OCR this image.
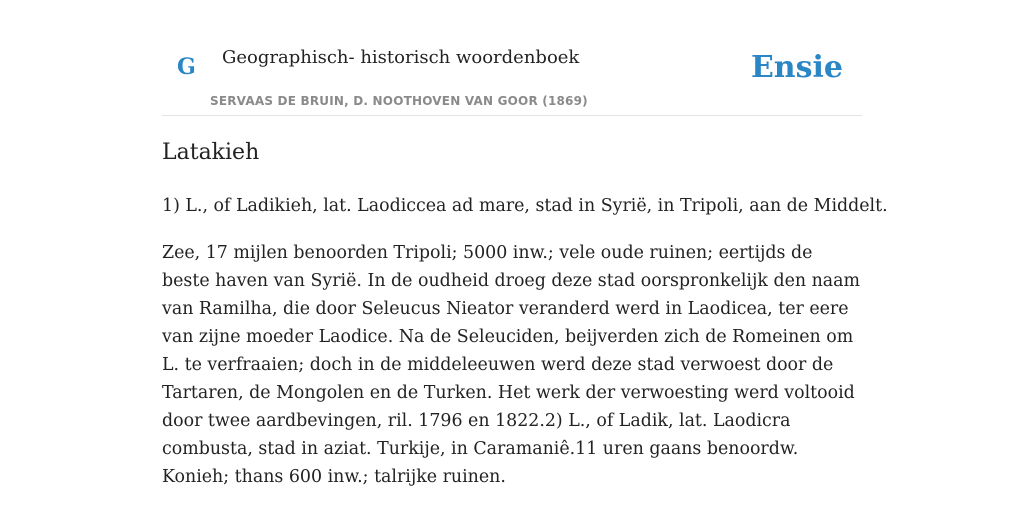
G Geographisch- historisch woordenboek
SERVAAS DE BRUIN, D. NOOTHOVEN VAN GOOR (1869)
Ensie
Latakieh

1) L., of Ladikieh, lat. Laodiccea ad mare, stad in Syrië, in Tripoli, aan de Middelt.

Zee, 17 mijlen benoorden Tripoli; 5000 inw.; vele oude ruinen; eertijds de beste haven van Syrië. In de oudheid droeg deze stad oorspronkelijk den naam van Ramilha, die door Seleucus Nieator veranderd werd in Laodicea, ter eere van zijne moeder Laodice. Na de Seleuciden, beijverden zich de Romeinen om L. te verfraaien; doch in de middeleeuwen werd deze stad verwoest door de Tartaren, de Mongolen en de Turken. Het werk der verwoesting werd voltooid door twee aardbevingen, ril. 1796 en 1822.2) L., of Ladik, lat. Laodicra combusta, stad in aziat. Turkije, in Caramaniê.11 uren gaans benoordw. Konieh; thans 600 inw.; talrijke ruinen.
